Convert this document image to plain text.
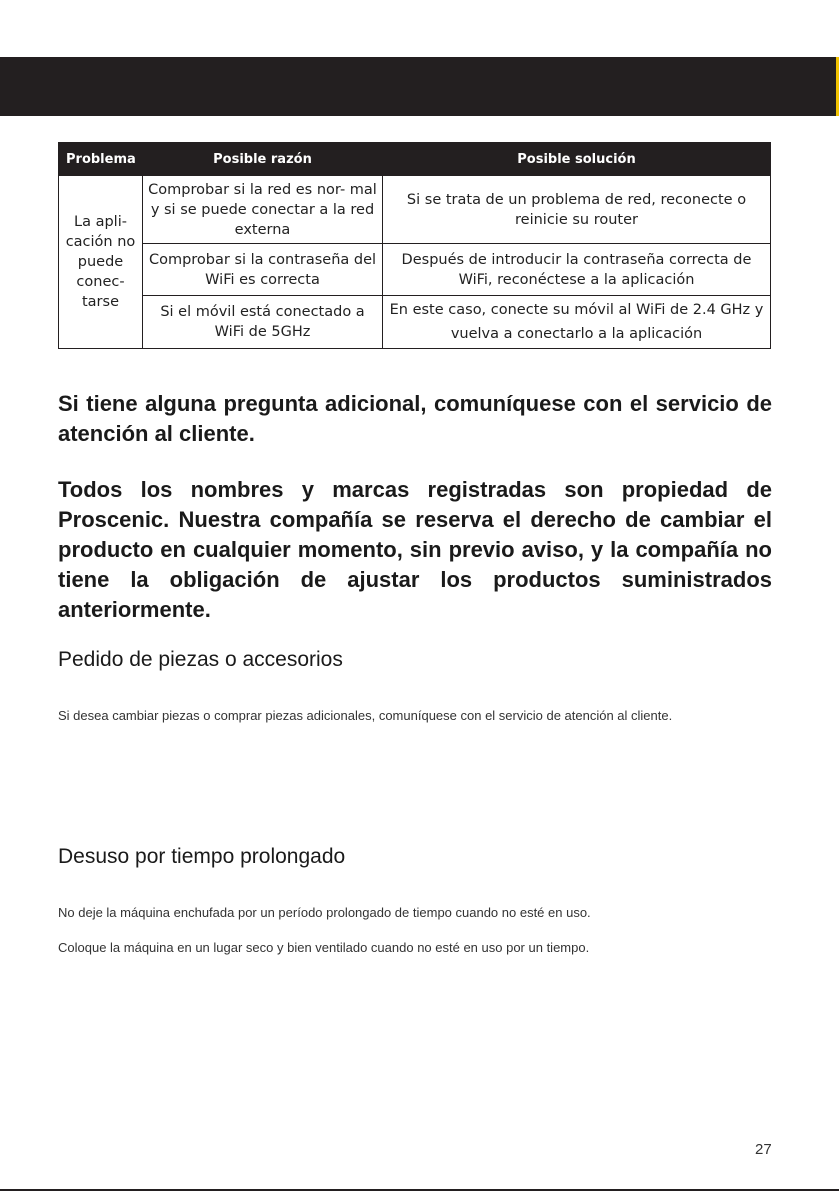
Problema	Posible razón	Posible solución
La apli- cación no puede conec- tarse	Comprobar si la red es nor- mal y si se puede conectar a la red externa	Si se trata de un problema de red, reconecte o reinicie su router
	Comprobar si la contraseña del WiFi es correcta	Después de introducir la contraseña correcta de WiFi, reconéctese a la aplicación
	Si el móvil está conectado a WiFi de 5GHz	En este caso, conecte su móvil al WiFi de 2.4 GHz y vuelva a conectarlo a la aplicación

Si tiene alguna pregunta adicional, comuníquese con el servicio de atención al cliente.

Todos los nombres y marcas registradas son propiedad de Proscenic. Nuestra compañía se reserva el derecho de cambiar el producto en cualquier momento, sin previo aviso, y la compañía no tiene la obligación de ajustar los productos suministrados anteriormente.

Pedido de piezas o accesorios

Si desea cambiar piezas o comprar piezas adicionales, comuníquese con el servicio de atención al cliente.

Desuso por tiempo prolongado

No deje la máquina enchufada por un período prolongado de tiempo cuando no esté en uso.

Coloque la máquina en un lugar seco y bien ventilado cuando no esté en uso por un tiempo.

27
